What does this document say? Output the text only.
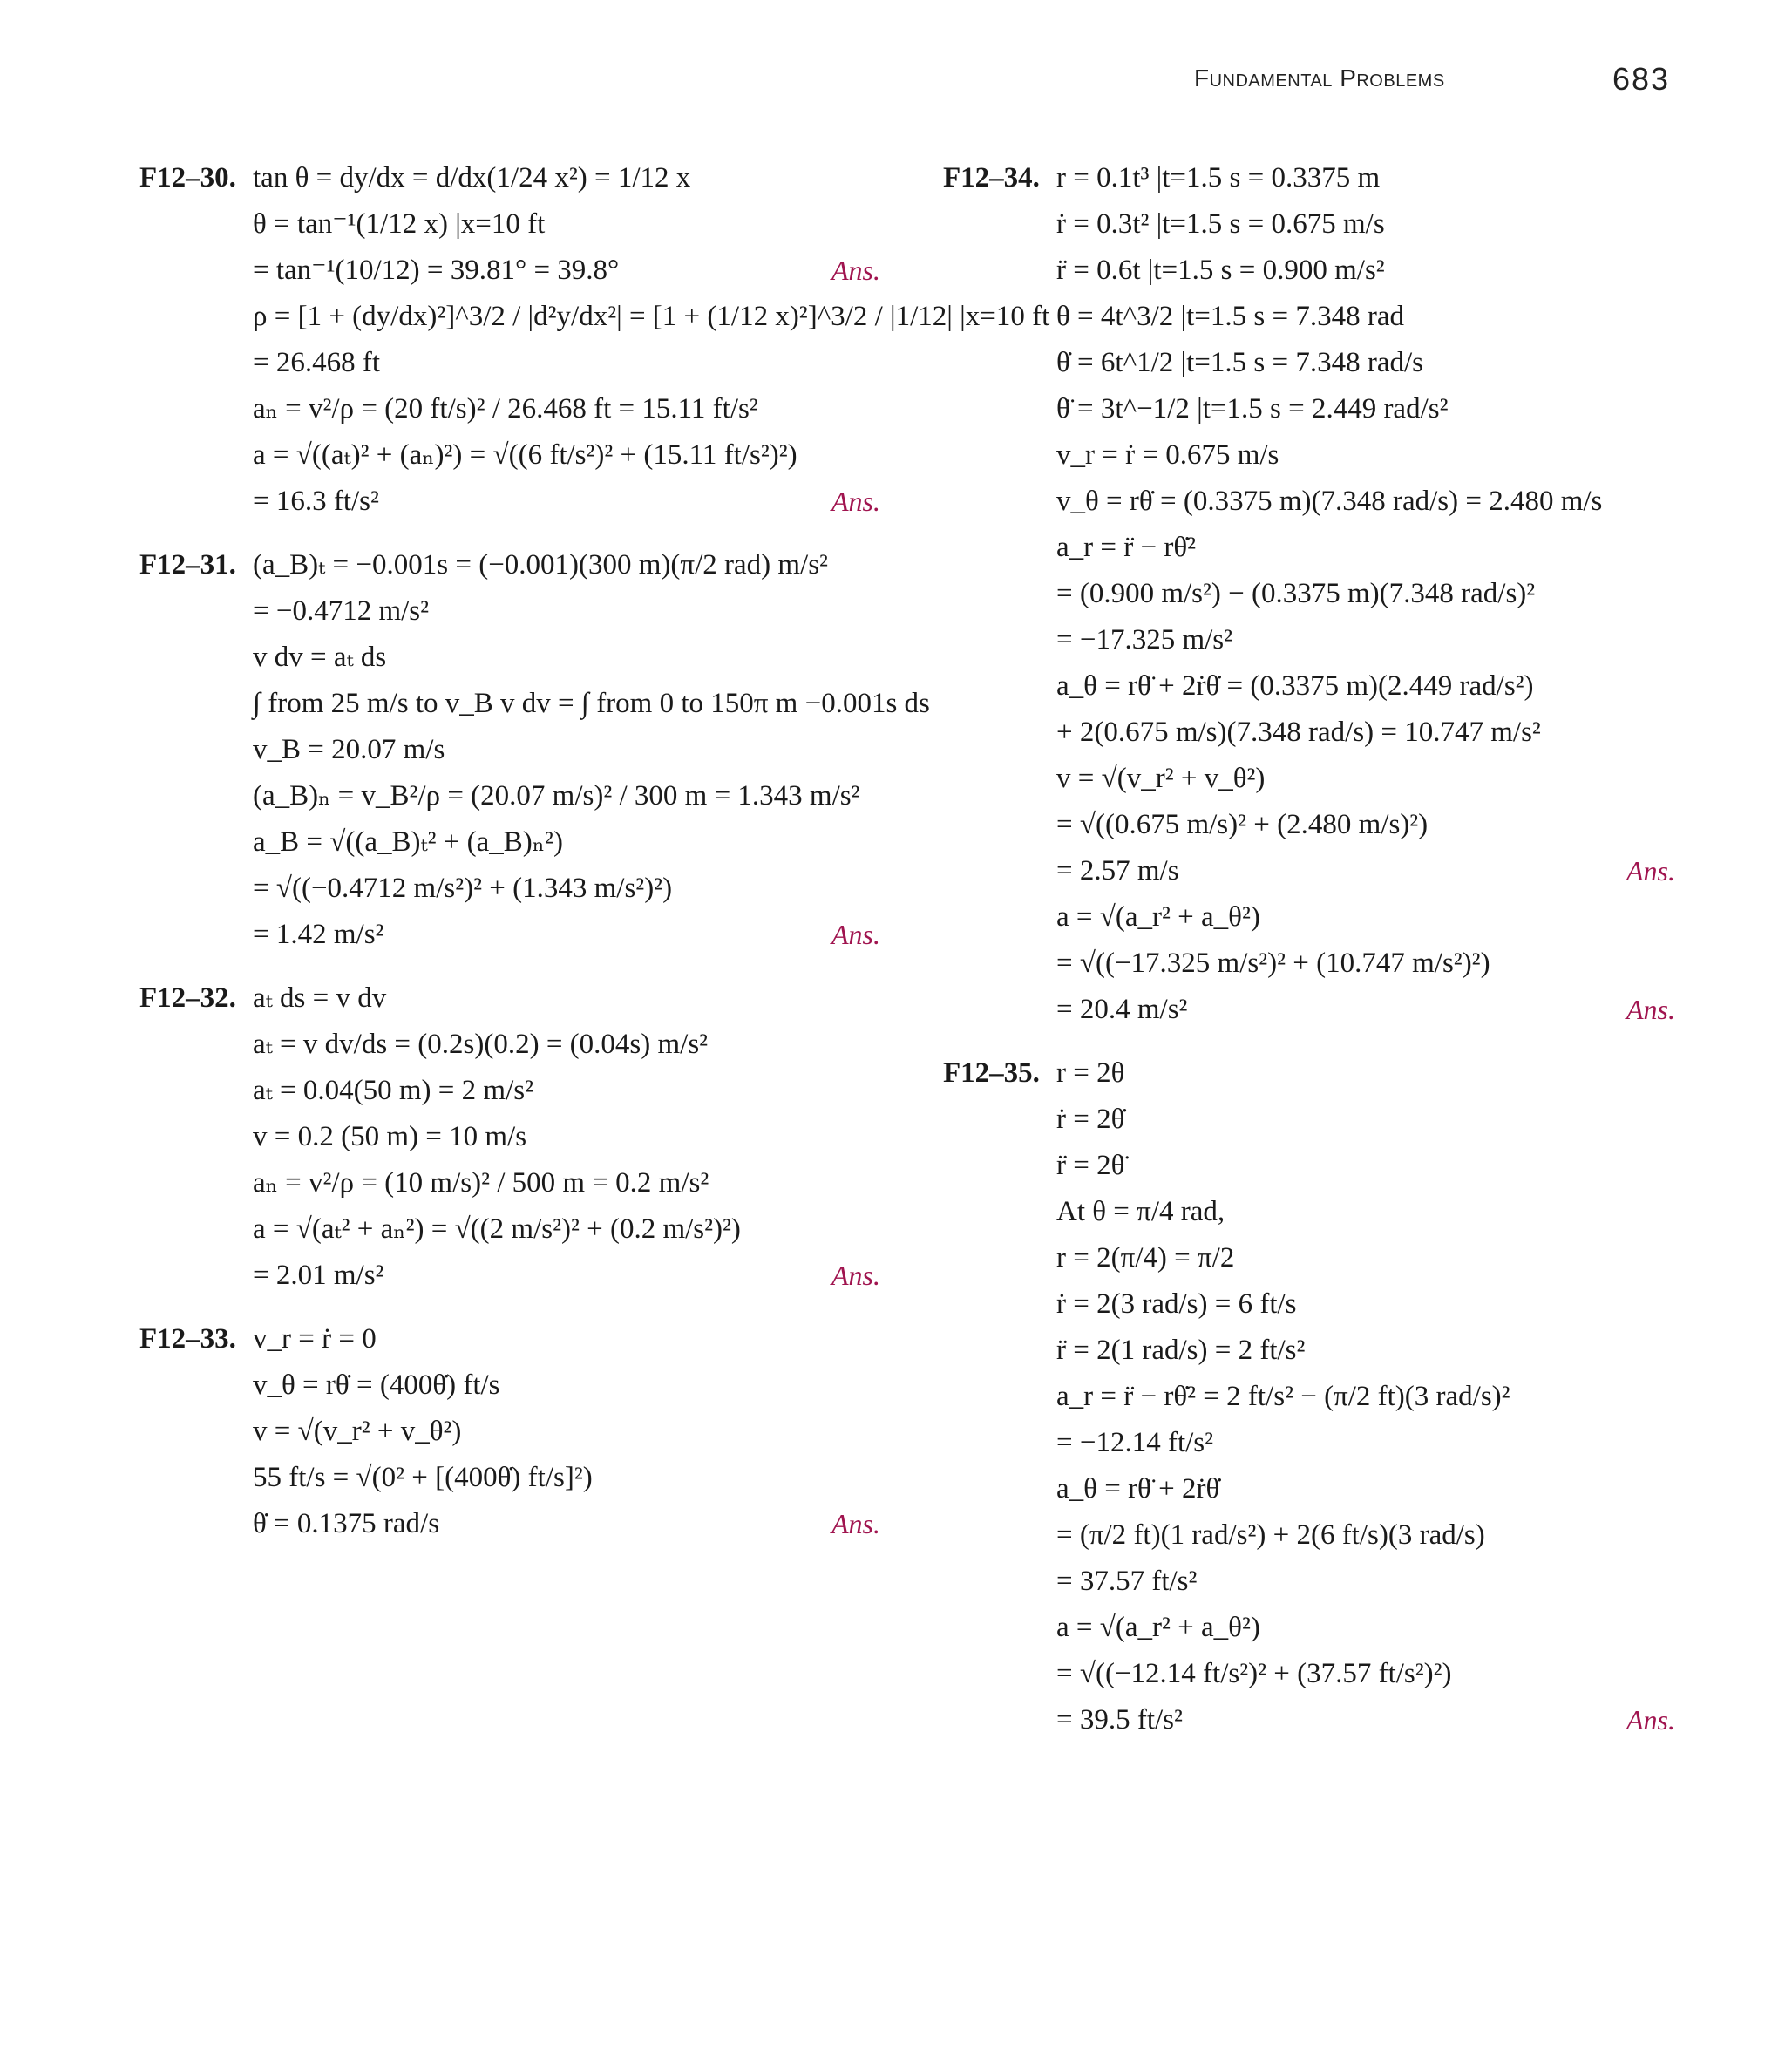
Fundamental Problems	683
F12–30. tan θ = dy/dx = d/dx(1/24 x²) = 1/12 x
θ = tan⁻¹(1/12 x) |x=10 ft
= tan⁻¹(10/12) = 39.81° = 39.8°	Ans.
ρ = [1 + (dy/dx)²]^3/2 / |d²y/dx²| = [1 + (1/12 x)²]^3/2 / |1/12| |x=10 ft
= 26.468 ft
aₙ = v²/ρ = (20 ft/s)² / 26.468 ft = 15.11 ft/s²
a = √((aₜ)² + (aₙ)²) = √((6 ft/s²)² + (15.11 ft/s²)²)
= 16.3 ft/s²	Ans.
F12–31. (a_B)ₜ = −0.001s = (−0.001)(300 m)(π/2 rad) m/s²
= −0.4712 m/s²
v dv = aₜ ds
∫ from 25 m/s to v_B v dv = ∫ from 0 to 150π m −0.001s ds
v_B = 20.07 m/s
(a_B)ₙ = v_B²/ρ = (20.07 m/s)² / 300 m = 1.343 m/s²
a_B = √((a_B)ₜ² + (a_B)ₙ²)
= √((−0.4712 m/s²)² + (1.343 m/s²)²)
= 1.42 m/s²	Ans.
F12–32. aₜ ds = v dv
aₜ = v dv/ds = (0.2s)(0.2) = (0.04s) m/s²
aₜ = 0.04(50 m) = 2 m/s²
v = 0.2 (50 m) = 10 m/s
aₙ = v²/ρ = (10 m/s)² / 500 m = 0.2 m/s²
a = √(aₜ² + aₙ²) = √((2 m/s²)² + (0.2 m/s²)²)
= 2.01 m/s²	Ans.
F12–33. v_r = ṙ = 0
v_θ = rθ̇ = (400θ̇) ft/s
v = √(v_r² + v_θ²)
55 ft/s = √(0² + [(400θ̇) ft/s]²)
θ̇ = 0.1375 rad/s	Ans.
F12–34. r = 0.1t³ |t=1.5 s = 0.3375 m
ṙ = 0.3t² |t=1.5 s = 0.675 m/s
r̈ = 0.6t |t=1.5 s = 0.900 m/s²
θ = 4t^3/2 |t=1.5 s = 7.348 rad
θ̇ = 6t^1/2 |t=1.5 s = 7.348 rad/s
θ̈ = 3t^−1/2 |t=1.5 s = 2.449 rad/s²
v_r = ṙ = 0.675 m/s
v_θ = rθ̇ = (0.3375 m)(7.348 rad/s) = 2.480 m/s
a_r = r̈ − rθ̇²
= (0.900 m/s²) − (0.3375 m)(7.348 rad/s)²
= −17.325 m/s²
a_θ = rθ̈ + 2ṙθ̇ = (0.3375 m)(2.449 rad/s²)
+ 2(0.675 m/s)(7.348 rad/s) = 10.747 m/s²
v = √(v_r² + v_θ²)
= √((0.675 m/s)² + (2.480 m/s)²)
= 2.57 m/s	Ans.
a = √(a_r² + a_θ²)
= √((−17.325 m/s²)² + (10.747 m/s²)²)
= 20.4 m/s²	Ans.
F12–35. r = 2θ
ṙ = 2θ̇
r̈ = 2θ̈
At θ = π/4 rad,
r = 2(π/4) = π/2
ṙ = 2(3 rad/s) = 6 ft/s
r̈ = 2(1 rad/s) = 2 ft/s²
a_r = r̈ − rθ̇² = 2 ft/s² − (π/2 ft)(3 rad/s)²
= −12.14 ft/s²
a_θ = rθ̈ + 2ṙθ̇
= (π/2 ft)(1 rad/s²) + 2(6 ft/s)(3 rad/s)
= 37.57 ft/s²
a = √(a_r² + a_θ²)
= √((−12.14 ft/s²)² + (37.57 ft/s²)²)
= 39.5 ft/s²	Ans.
